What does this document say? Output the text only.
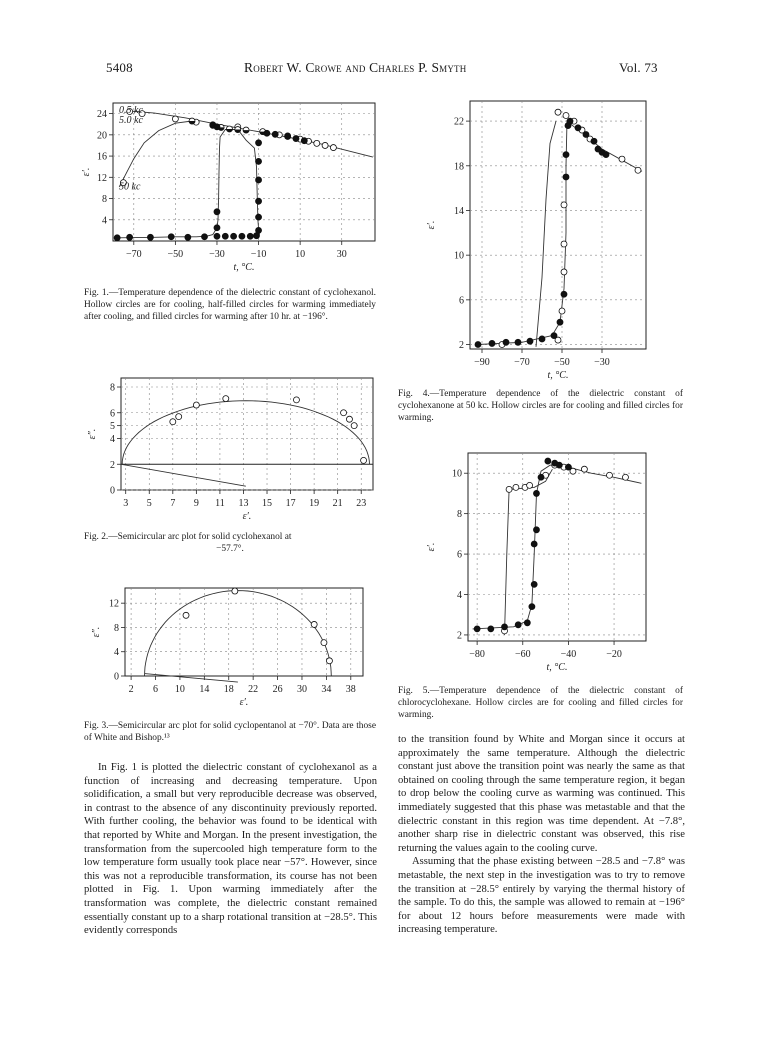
5408	Robert W. Crowe and Charles P. Smyth	Vol. 73
4
8
12
16
20
24
−70	−50	−30	−10	10	30
t, °C.
ε′.
0.5 kc
5.0 kc
50 kc
Fig. 1.—Temperature dependence of the dielectric constant of cyclohexanol. Hollow circles are for cooling, half-filled circles for warming immediately after cooling, and filled circles for warming after 10 hr. at −196°.
0
2
4
5
6
8
3 5 7 9 11 13 15 17 19 21 23
ε′.
ε″.
Fig. 2.—Semicircular arc plot for solid cyclohexanol at
−57.7°.
0
4
8
12
2 6 10 14 18 22 26 30 34 38
ε′.
ε″.
Fig. 3.—Semicircular arc plot for solid cyclopentanol at −70°. Data are those of White and Bishop.¹³
2
6
10
14
18
22
−90 −70 −50 −30
t, °C.
ε′.
Fig. 4.—Temperature dependence of the dielectric constant of cyclohexanone at 50 kc. Hollow circles are for cooling and filled circles for warming.
2
4
6
8
10
−80	−60	−40	−20
t, °C.
ε′.
Fig. 5.—Temperature dependence of the dielectric constant of chlorocyclohexane. Hollow circles are for cooling and filled circles for warming.

In Fig. 1 is plotted the dielectric constant of cyclohexanol as a function of increasing and decreasing temperature. Upon solidification, a small but very reproducible decrease was observed, in contrast to the absence of any discontinuity previously reported. With further cooling, the behavior was found to be identical with that reported by White and Morgan. In the present investigation, the transformation from the supercooled high temperature form to the low temperature form usually took place near −57°. However, since this was not a reproducible transformation, its course has not been plotted in Fig. 1. Upon warming immediately after the transformation was complete, the dielectric constant remained essentially constant up to a sharp rotational transition at −28.5°. This evidently corresponds

to the transition found by White and Morgan since it occurs at approximately the same temperature. Although the dielectric constant just above the transition point was nearly the same as that obtained on cooling through the same temperature region, it began to drop below the cooling curve as warming was continued. This immediately suggested that this phase was metastable and that the dielectric constant in this region was time dependent. At −7.8°, another sharp rise in dielectric constant was observed, this rise returning the values again to the cooling curve.

Assuming that the phase existing between −28.5 and −7.8° was metastable, the next step in the investigation was to try to remove the transition at −28.5° entirely by varying the thermal history of the sample. To do this, the sample was allowed to remain at −196° for about 12 hours before measurements were made with increasing temperature.
